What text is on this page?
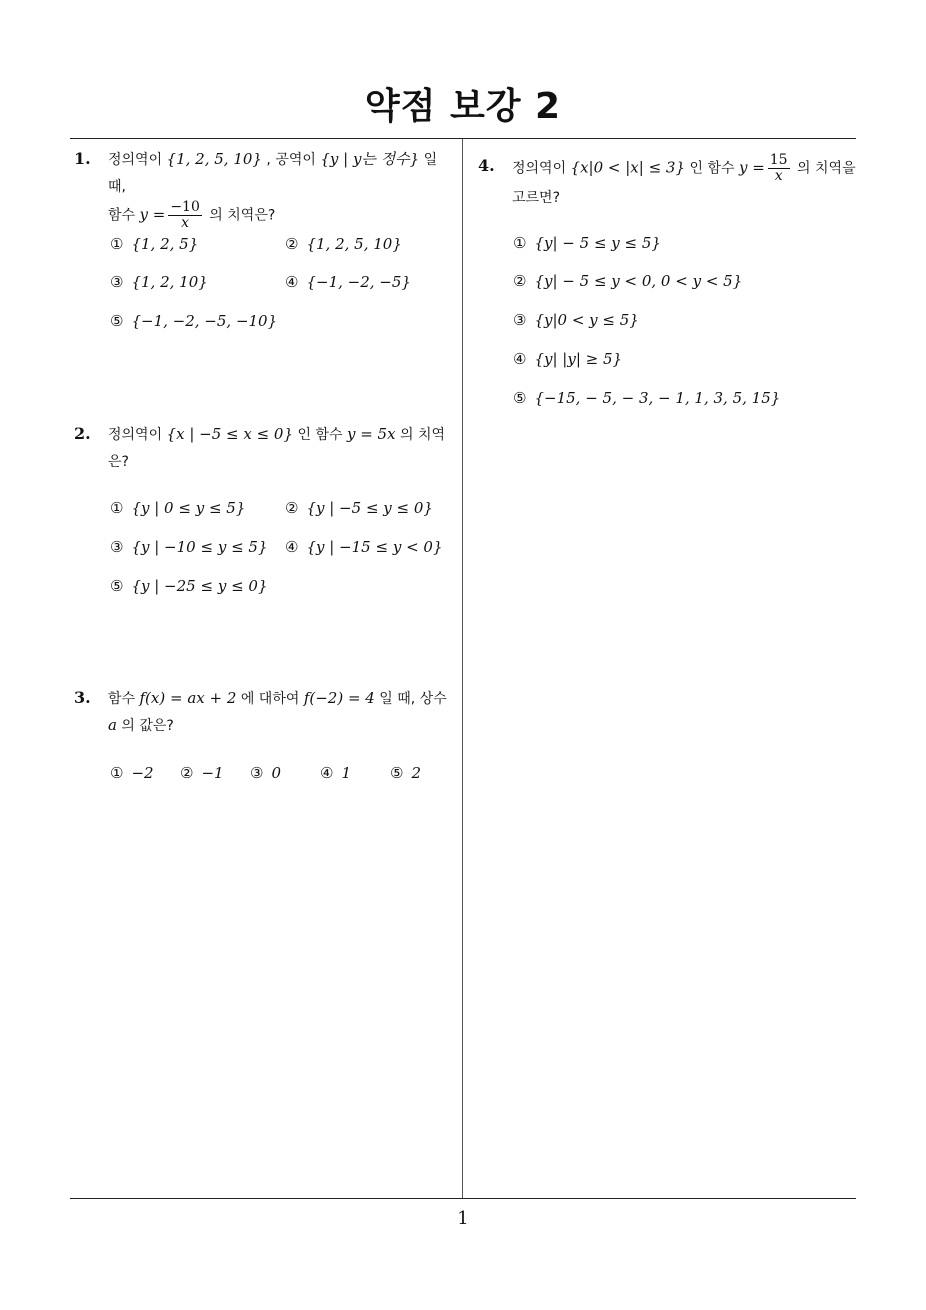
약점 보강 2
1. 정의역이 {1, 2, 5, 10} , 공역이 {y | y는 정수} 일 때,
함수 $y = \frac{-10}{x}$ 의 치역은?
① {1, 2, 5}	② {1, 2, 5, 10}
③ {1, 2, 10}	④ {−1, −2, −5}
⑤ {−1, −2, −5, −10}
2. 정의역이 {x | −5 ≤ x ≤ 0} 인 함수 y = 5x 의 치역
은?
① {y | 0 ≤ y ≤ 5}	② {y | −5 ≤ y ≤ 0}
③ {y | −10 ≤ y ≤ 5} ④ {y | −15 ≤ y < 0}
⑤ {y | −25 ≤ y ≤ 0}
3. 함수 f(x) = ax + 2 에 대하여 f(−2) = 4 일 때, 상수
a 의 값은?
① −2 ② −1 ③ 0	④ 1	⑤ 2
4. 정의역이 {x|0 < |x| ≤ 3} 인 함수 $y = \frac{15}{x}$ 의 치역을
고르면?
① {y| − 5 ≤ y ≤ 5}
② {y| − 5 ≤ y < 0, 0 < y < 5}
③ {y|0 < y ≤ 5}
④ {y| |y| ≥ 5}
⑤ {−15, − 5, − 3, − 1, 1, 3, 5, 15}
1
